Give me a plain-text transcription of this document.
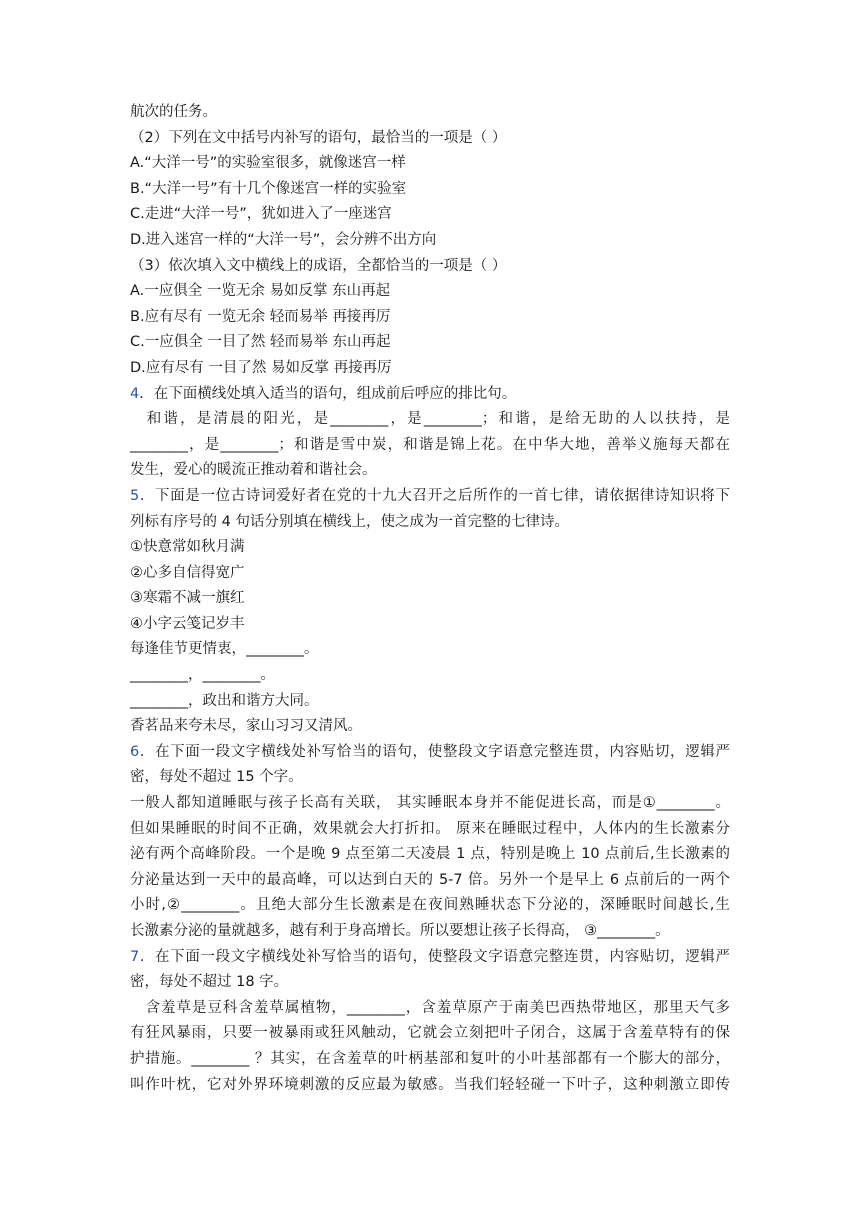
航次的任务。
（2）下列在文中括号内补写的语句，最恰当的一项是（ ）
A.“大洋一号”的实验室很多，就像迷宫一样
B.“大洋一号”有十几个像迷宫一样的实验室
C.走进“大洋一号”，犹如进入了一座迷宫
D.进入迷宫一样的“大洋一号”，会分辨不出方向
（3）依次填入文中横线上的成语，全都恰当的一项是（ ）
A.一应俱全 一览无余 易如反掌 东山再起
B.应有尽有 一览无余 轻而易举 再接再厉
C.一应俱全 一目了然 轻而易举 东山再起
D.应有尽有 一目了然 易如反掌 再接再厉
4．在下面横线处填入适当的语句，组成前后呼应的排比句。
　和谐，是清晨的阳光，是________，是________；和谐，是给无助的人以扶持，是
________，是________；和谐是雪中炭，和谐是锦上花。在中华大地，善举义施每天都在
发生，爱心的暖流正推动着和谐社会。
5．下面是一位古诗词爱好者在党的十九大召开之后所作的一首七律，请依据律诗知识将下
列标有序号的 4 句话分别填在横线上，使之成为一首完整的七律诗。
①快意常如秋月满
②心多自信得宽广
③寒霜不减一旗红
④小字云笺记岁丰
每逢佳节更情衷，________。
________，________。
________，政出和谐方大同。
香茗品来夸未尽，家山习习又清风。
6．在下面一段文字横线处补写恰当的语句，使整段文字语意完整连贯，内容贴切，逻辑严
密，每处不超过 15 个字。
一般人都知道睡眠与孩子长高有关联， 其实睡眠本身并不能促进长高，而是①________。
但如果睡眠的时间不正确，效果就会大打折扣。 原来在睡眠过程中，人体内的生长激素分
泌有两个高峰阶段。一个是晚 9 点至第二天凌晨 1 点，特别是晚上 10 点前后,生长激素的
分泌量达到一天中的最高峰，可以达到白天的 5-7 倍。另外一个是早上 6 点前后的一两个
小时,②________。且绝大部分生长激素是在夜间熟睡状态下分泌的，深睡眠时间越长,生
长激素分泌的量就越多，越有利于身高增长。所以要想让孩子长得高， ③________。
7．在下面一段文字横线处补写恰当的语句，使整段文字语意完整连贯，内容贴切，逻辑严
密，每处不超过 18 字。
　含羞草是豆科含羞草属植物，________，含羞草原产于南美巴西热带地区，那里天气多
有狂风暴雨，只要一被暴雨或狂风触动，它就会立刻把叶子闭合，这属于含羞草特有的保
护措施。________ ？其实，在含羞草的叶柄基部和复叶的小叶基部都有一个膨大的部分，
叫作叶枕，它对外界环境刺激的反应最为敏感。当我们轻轻碰一下叶子，这种刺激立即传
